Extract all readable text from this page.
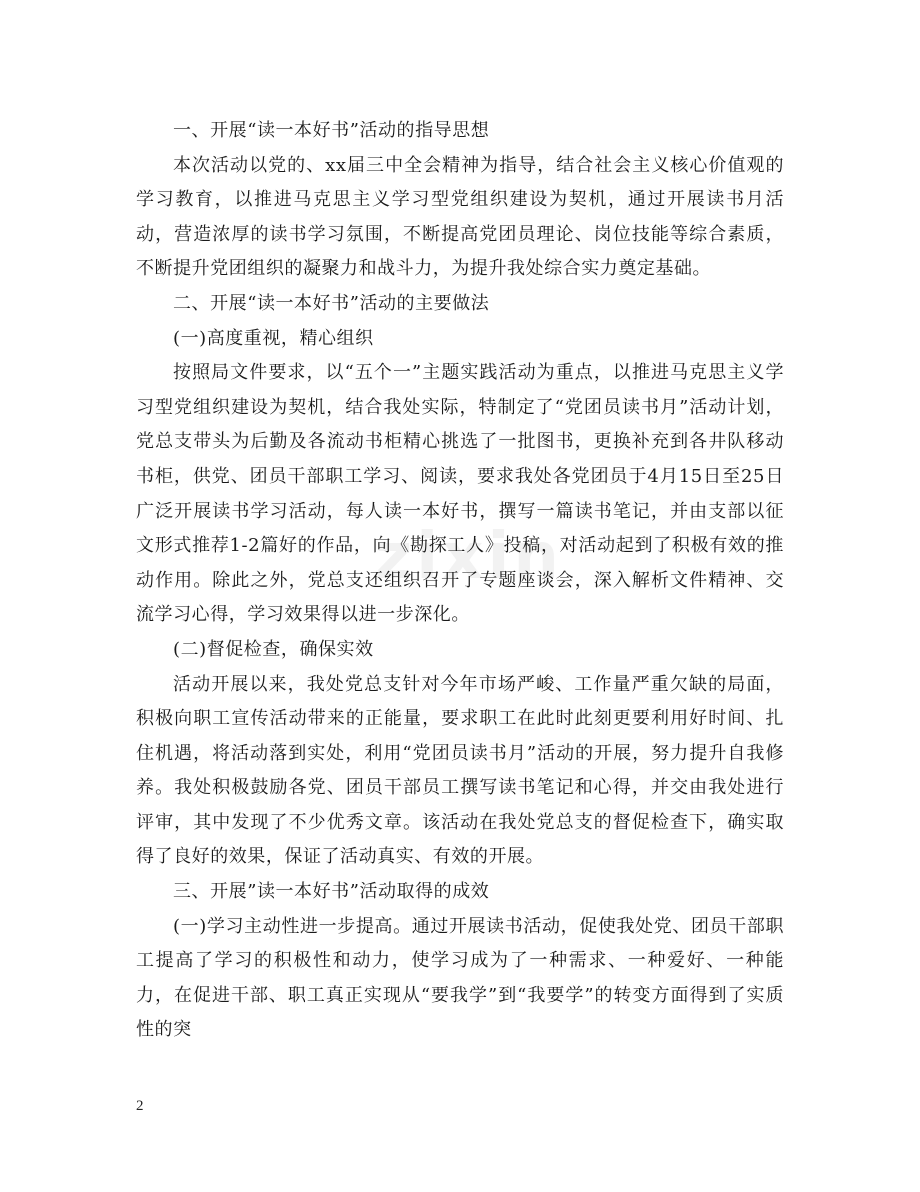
zixin

一、开展“读一本好书”活动的指导思想

本次活动以党的、xx届三中全会精神为指导，结合社会主义核心价值观的学习教育，以推进马克思主义学习型党组织建设为契机，通过开展读书月活动，营造浓厚的读书学习氛围，不断提高党团员理论、岗位技能等综合素质，不断提升党团组织的凝聚力和战斗力，为提升我处综合实力奠定基础。

二、开展“读一本好书”活动的主要做法

(一)高度重视，精心组织

按照局文件要求，以“五个一”主题实践活动为重点，以推进马克思主义学习型党组织建设为契机，结合我处实际，特制定了“党团员读书月”活动计划，党总支带头为后勤及各流动书柜精心挑选了一批图书，更换补充到各井队移动书柜，供党、团员干部职工学习、阅读，要求我处各党团员于4月15日至25日广泛开展读书学习活动，每人读一本好书，撰写一篇读书笔记，并由支部以征文形式推荐1-2篇好的作品，向《勘探工人》投稿，对活动起到了积极有效的推动作用。除此之外，党总支还组织召开了专题座谈会，深入解析文件精神、交流学习心得，学习效果得以进一步深化。

(二)督促检查，确保实效

活动开展以来，我处党总支针对今年市场严峻、工作量严重欠缺的局面，积极向职工宣传活动带来的正能量，要求职工在此时此刻更要利用好时间、扎住机遇，将活动落到实处，利用“党团员读书月”活动的开展，努力提升自我修养。我处积极鼓励各党、团员干部员工撰写读书笔记和心得，并交由我处进行评审，其中发现了不少优秀文章。该活动在我处党总支的督促检查下，确实取得了良好的效果，保证了活动真实、有效的开展。

三、开展”读一本好书”活动取得的成效

(一)学习主动性进一步提高。通过开展读书活动，促使我处党、团员干部职工提高了学习的积极性和动力，使学习成为了一种需求、一种爱好、一种能力，在促进干部、职工真正实现从“要我学”到“我要学”的转变方面得到了实质性的突

2
